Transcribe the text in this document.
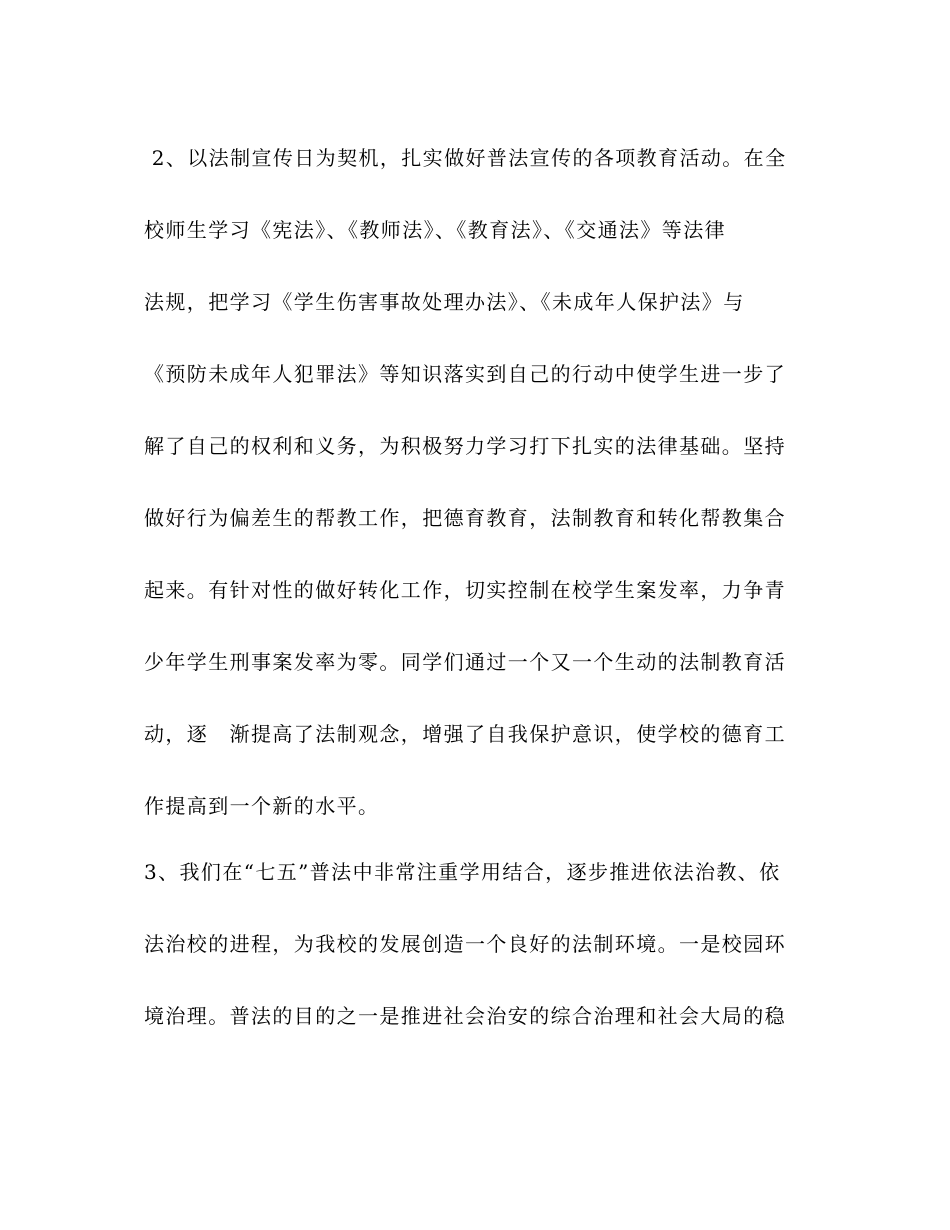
2、以法制宣传日为契机，扎实做好普法宣传的各项教育活动。在全
校师生学习《宪法》、《教师法》、《教育法》、《交通法》等法律
法规，把学习《学生伤害事故处理办法》、《未成年人保护法》与
《预防未成年人犯罪法》等知识落实到自己的行动中使学生进一步了
解了自己的权利和义务，为积极努力学习打下扎实的法律基础。坚持
做好行为偏差生的帮教工作，把德育教育，法制教育和转化帮教集合
起来。有针对性的做好转化工作，切实控制在校学生案发率，力争青
少年学生刑事案发率为零。同学们通过一个又一个生动的法制教育活
动，逐　渐提高了法制观念，增强了自我保护意识，使学校的德育工
作提高到一个新的水平。
3、我们在“七五”普法中非常注重学用结合，逐步推进依法治教、依
法治校的进程，为我校的发展创造一个良好的法制环境。一是校园环
境治理。普法的目的之一是推进社会治安的综合治理和社会大局的稳
